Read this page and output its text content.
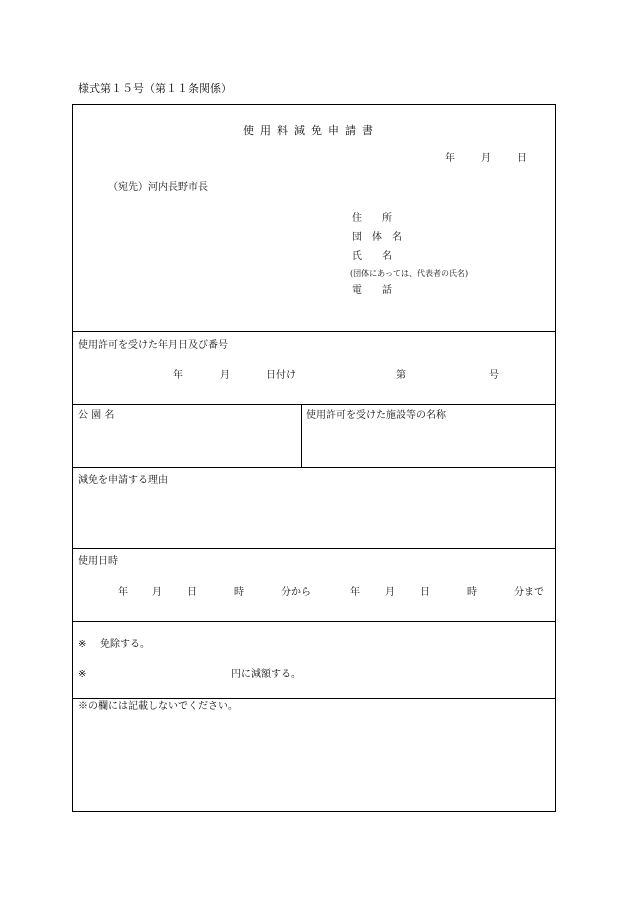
様式第１５号（第１１条関係）
使 用 料 減 免 申 請 書
年	月	日
（宛先）河内長野市長
住　　所
団　体　名
氏　　名
(団体にあっては、代表者の氏名)
電　　話
使用許可を受けた年月日及び番号
年	月	日付け	第	号
公 園 名	使用許可を受けた施設等の名称
減免を申請する理由
使用日時
年 月	日	時	分から	年	月	日	時	分まで
※ 免除する。
※	円に減額する。
※の欄には記載しないでください。
